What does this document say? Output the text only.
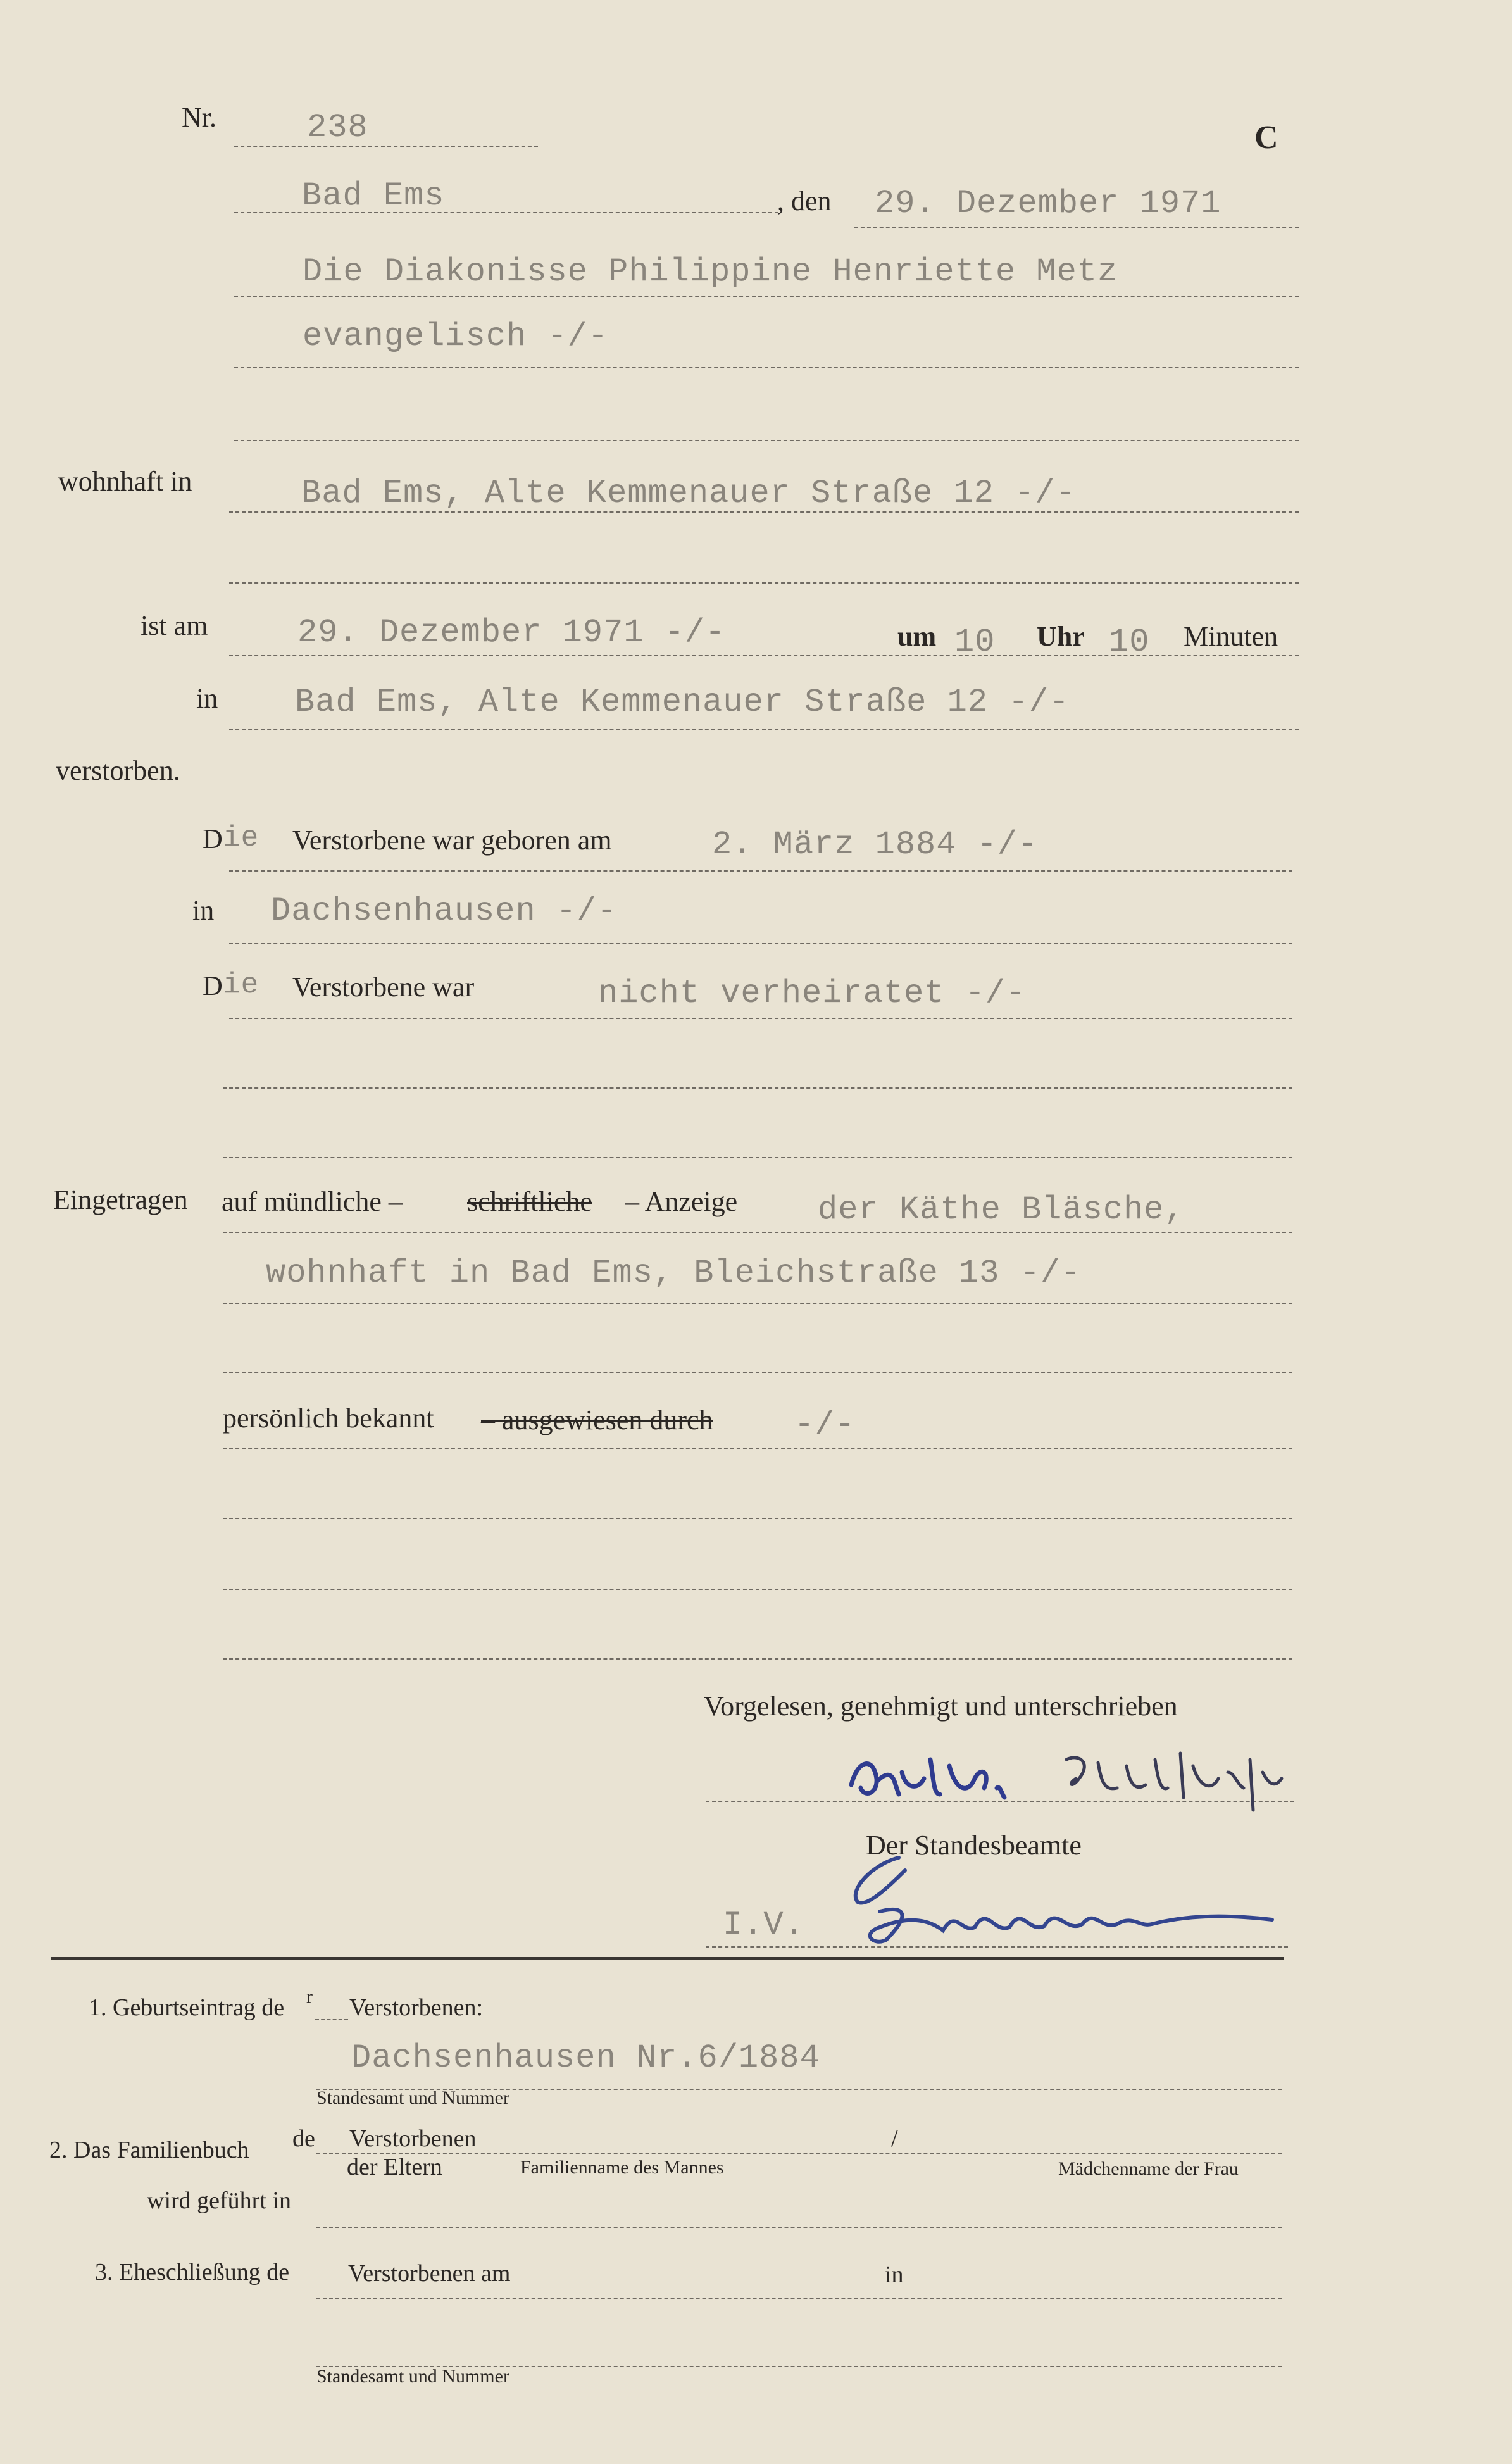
Nr.	238	C
Bad Ems	, den 29. Dezember 1971
Die Diakonisse Philippine Henriette Metz
evangelisch -/-
wohnhaft in	Bad Ems, Alte Kemmenauer Straße 12 -/-
ist am	29. Dezember 1971 -/-	um 10 Uhr 10 Minuten
in Bad Ems, Alte Kemmenauer Straße 12 -/-
verstorben.
D ie Verstorbene war geboren am	2. März 1884 -/-
in Dachsenhausen -/-
D ie Verstorbene war	nicht verheiratet -/-
Eingetragen auf mündliche – schriftliche – Anzeige der Käthe Bläsche,
wohnhaft in Bad Ems, Bleichstraße 13 -/-
persönlich bekannt – ausgewiesen durch -/-
Vorgelesen, genehmigt und unterschrieben
Der Standesbeamte
I.V.
1. Geburtseintrag de r Verstorbenen:
Dachsenhausen Nr.6/1884
Standesamt und Nummer
2. Das Familienbuch de Verstorbenen	/
der Eltern	Familienname des Mannes	Mädchenname der Frau
wird geführt in
3. Eheschließung de Verstorbenen am	in
Standesamt und Nummer
